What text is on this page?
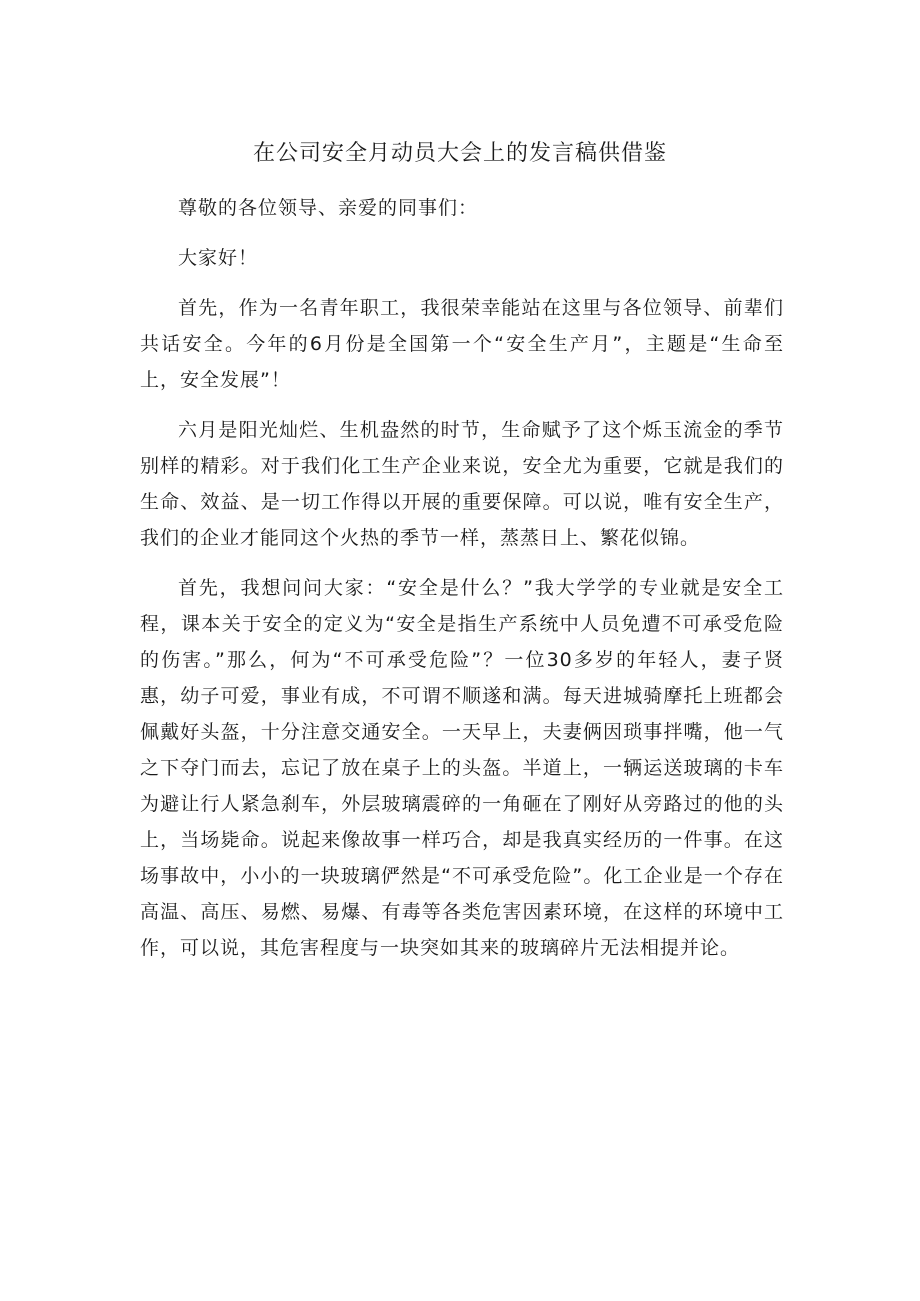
在公司安全月动员大会上的发言稿供借鉴

尊敬的各位领导、亲爱的同事们：

大家好！

首先，作为一名青年职工，我很荣幸能站在这里与各位领导、前辈们共话安全。今年的6月份是全国第一个“安全生产月”，主题是“生命至上，安全发展”！

六月是阳光灿烂、生机盎然的时节，生命赋予了这个烁玉流金的季节别样的精彩。对于我们化工生产企业来说，安全尤为重要，它就是我们的生命、效益、是一切工作得以开展的重要保障。可以说，唯有安全生产，我们的企业才能同这个火热的季节一样，蒸蒸日上、繁花似锦。

首先，我想问问大家：“安全是什么？”我大学学的专业就是安全工程，课本关于安全的定义为“安全是指生产系统中人员免遭不可承受危险的伤害。”那么，何为“不可承受危险”？一位30多岁的年轻人，妻子贤惠，幼子可爱，事业有成，不可谓不顺遂和满。每天进城骑摩托上班都会佩戴好头盔，十分注意交通安全。一天早上，夫妻俩因琐事拌嘴，他一气之下夺门而去，忘记了放在桌子上的头盔。半道上，一辆运送玻璃的卡车为避让行人紧急刹车，外层玻璃震碎的一角砸在了刚好从旁路过的他的头上，当场毙命。说起来像故事一样巧合，却是我真实经历的一件事。在这场事故中，小小的一块玻璃俨然是“不可承受危险”。化工企业是一个存在高温、高压、易燃、易爆、有毒等各类危害因素环境，在这样的环境中工作，可以说，其危害程度与一块突如其来的玻璃碎片无法相提并论。
